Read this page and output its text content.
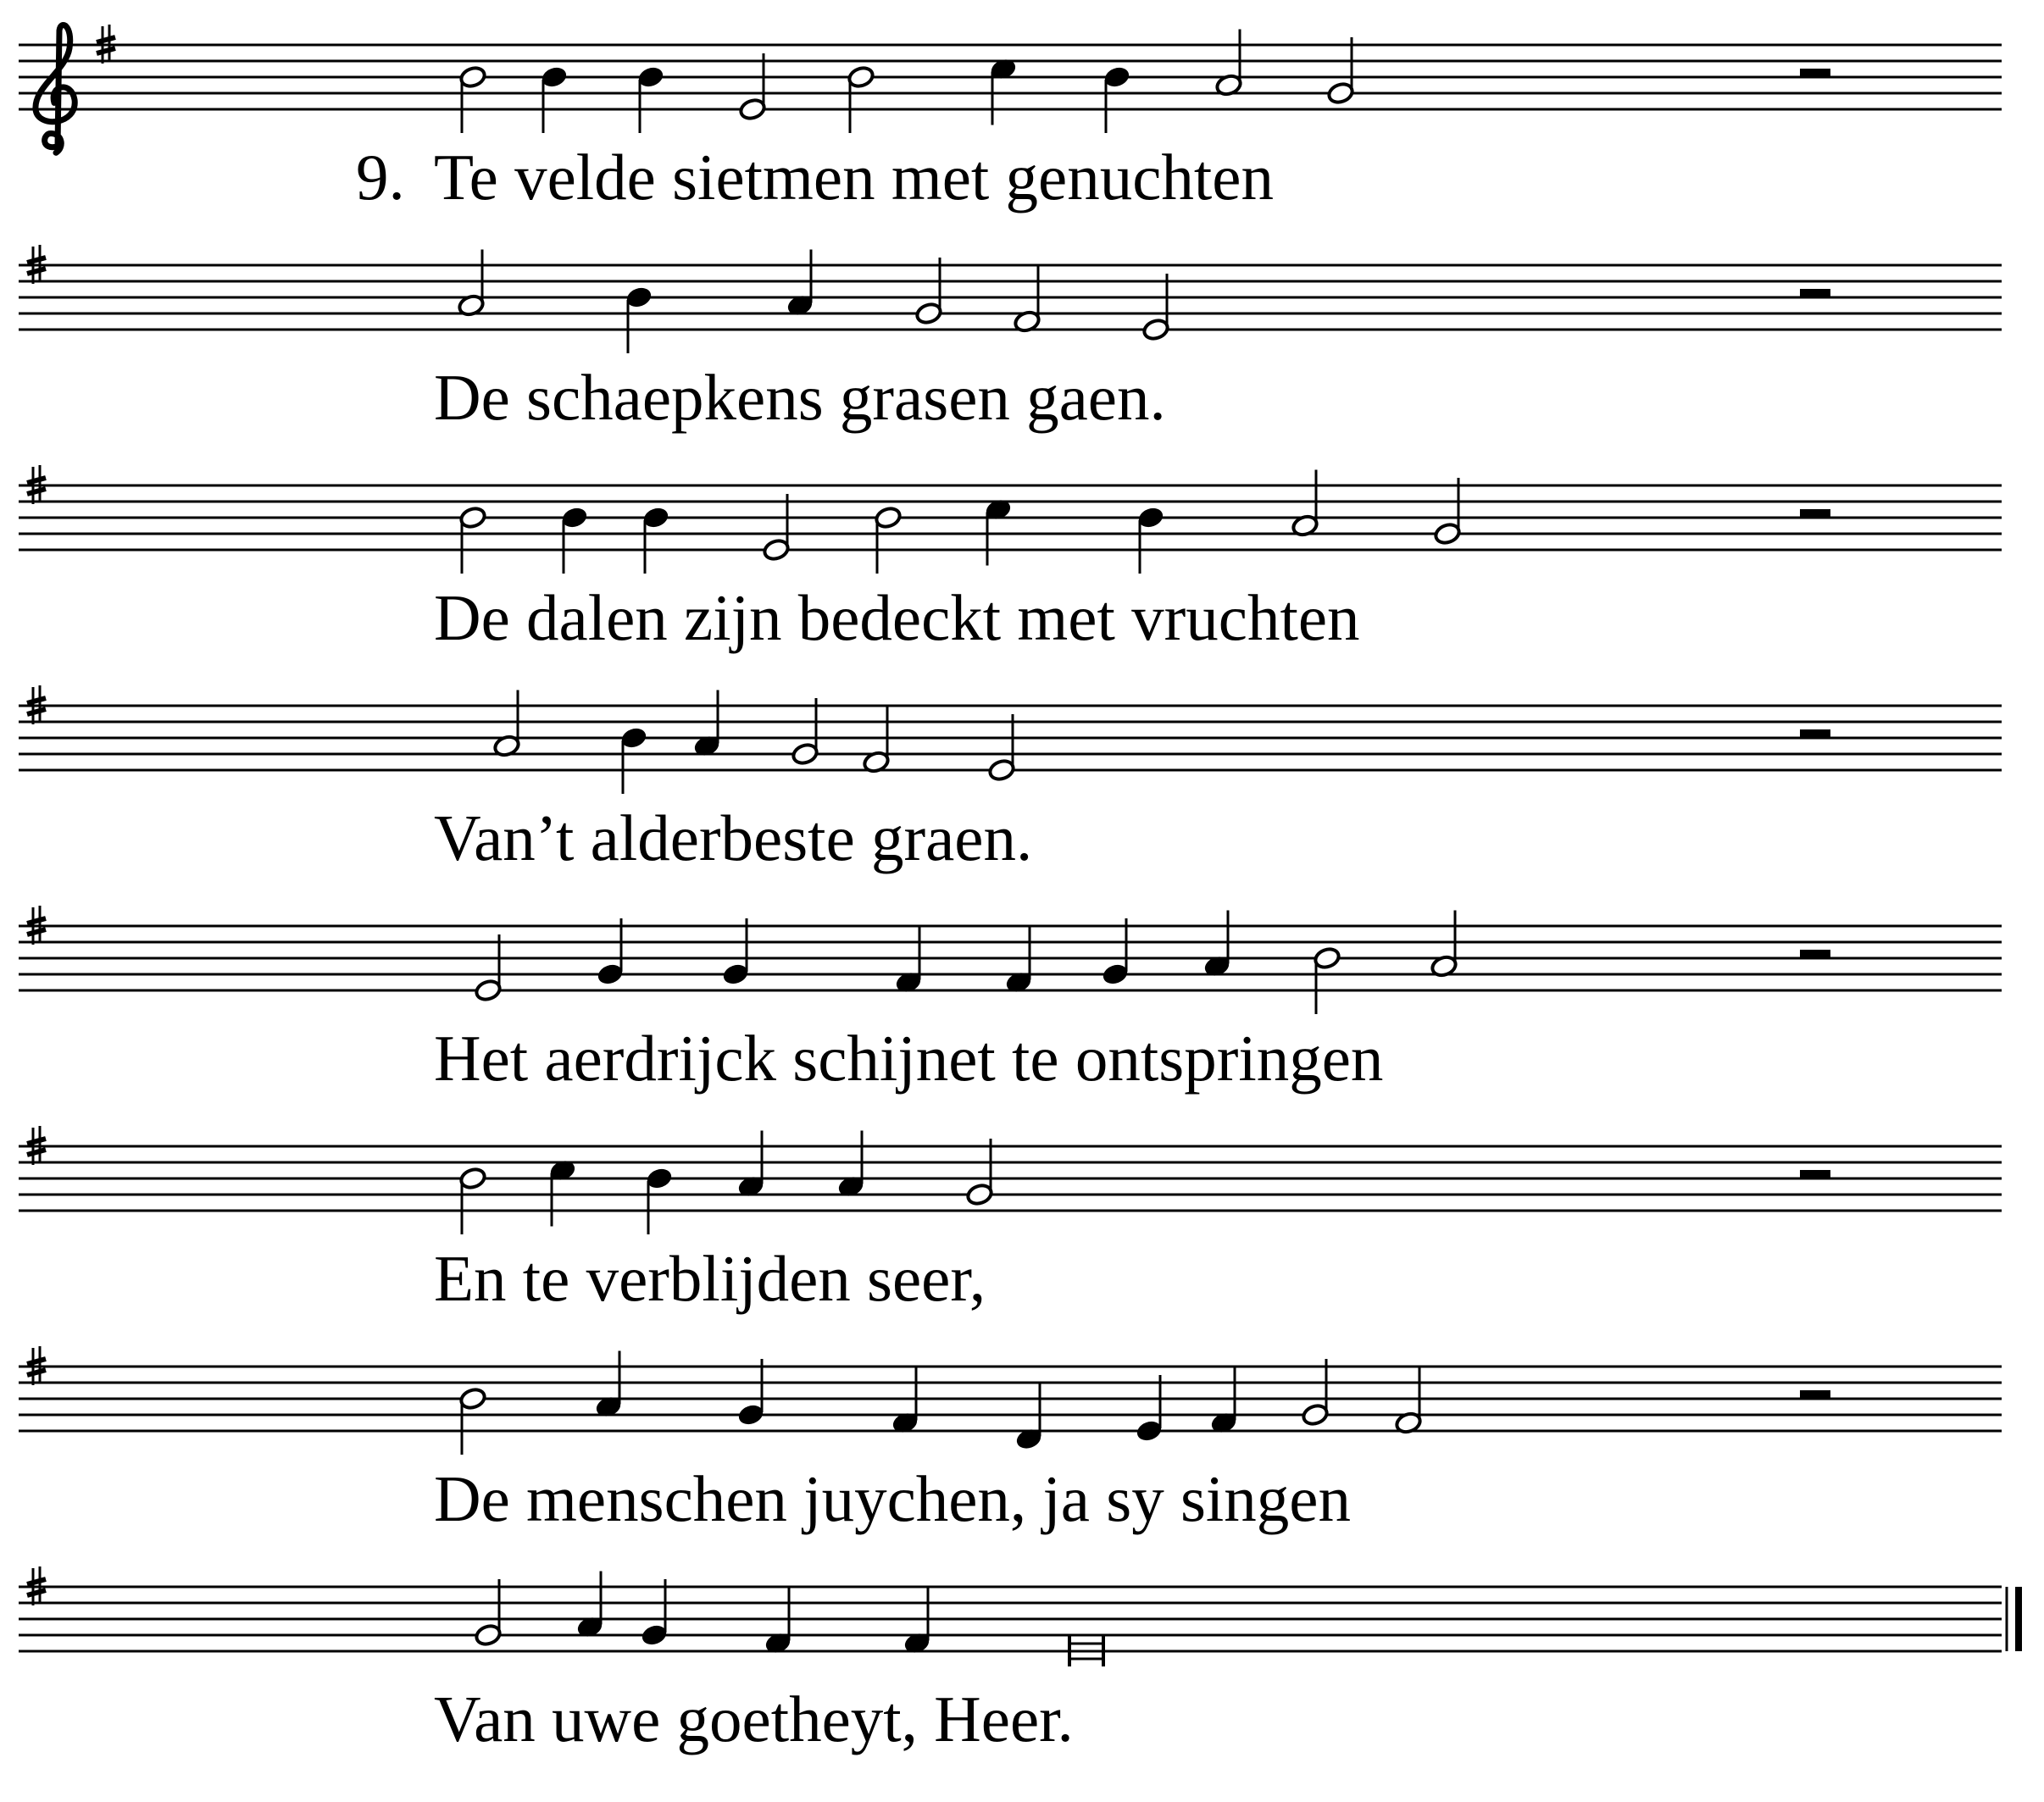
9. Te velde sietmen met genuchten
De schaepkens grasen gaen.
De dalen zijn bedeckt met vruchten
Van’t alderbeste graen.
Het aerdrijck schijnet te ontspringen
En te verblijden seer,
De menschen juychen, ja sy singen
Van uwe goetheyt, Heer.
